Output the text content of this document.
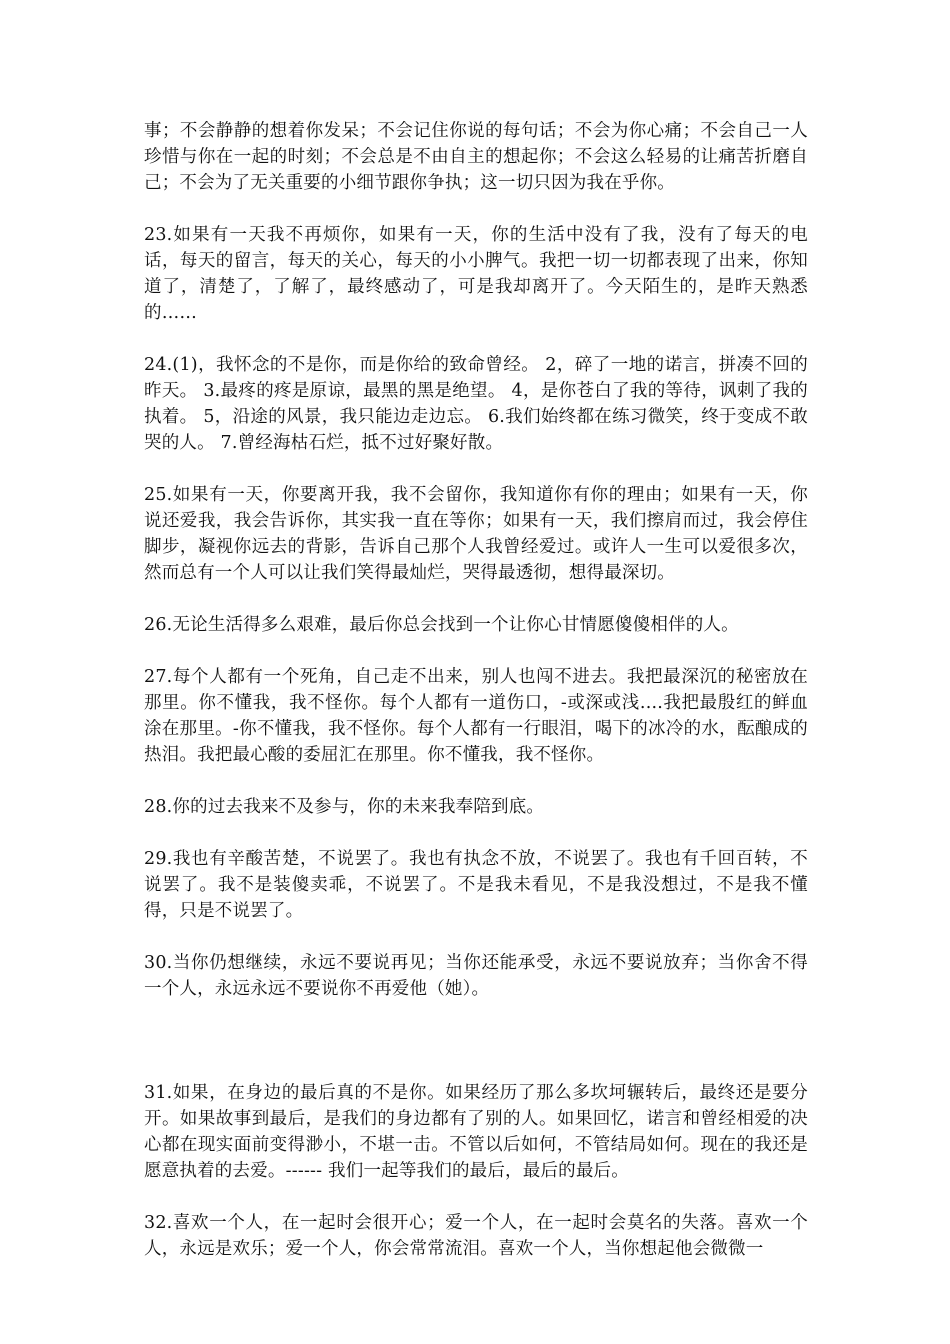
事；不会静静的想着你发呆；不会记住你说的每句话；不会为你心痛；不会自己一人珍惜与你在一起的时刻；不会总是不由自主的想起你；不会这么轻易的让痛苦折磨自己；不会为了无关重要的小细节跟你争执；这一切只因为我在乎你。

23.如果有一天我不再烦你，如果有一天，你的生活中没有了我，没有了每天的电话，每天的留言，每天的关心，每天的小小脾气。我把一切一切都表现了出来，你知道了，清楚了，了解了，最终感动了，可是我却离开了。今天陌生的，是昨天熟悉的……

24.(1)，我怀念的不是你，而是你给的致命曾经。 2，碎了一地的诺言，拼凑不回的昨天。 3.最疼的疼是原谅，最黑的黑是绝望。 4，是你苍白了我的等待，讽刺了我的执着。 5，沿途的风景，我只能边走边忘。 6.我们始终都在练习微笑，终于变成不敢哭的人。 7.曾经海枯石烂，抵不过好聚好散。

25.如果有一天，你要离开我，我不会留你，我知道你有你的理由；如果有一天，你说还爱我，我会告诉你，其实我一直在等你；如果有一天，我们擦肩而过，我会停住脚步，凝视你远去的背影，告诉自己那个人我曾经爱过。或许人一生可以爱很多次，然而总有一个人可以让我们笑得最灿烂，哭得最透彻，想得最深切。

26.无论生活得多么艰难，最后你总会找到一个让你心甘情愿傻傻相伴的人。

27.每个人都有一个死角，自己走不出来，别人也闯不进去。我把最深沉的秘密放在那里。你不懂我，我不怪你。每个人都有一道伤口，-或深或浅....我把最殷红的鲜血涂在那里。-你不懂我，我不怪你。每个人都有一行眼泪，喝下的冰冷的水，酝酿成的热泪。我把最心酸的委屈汇在那里。你不懂我，我不怪你。

28.你的过去我来不及参与，你的未来我奉陪到底。

29.我也有辛酸苦楚，不说罢了。我也有执念不放，不说罢了。我也有千回百转，不说罢了。我不是装傻卖乖，不说罢了。不是我未看见，不是我没想过，不是我不懂得，只是不说罢了。

30.当你仍想继续，永远不要说再见；当你还能承受，永远不要说放弃；当你舍不得一个人，永远永远不要说你不再爱他（她）。

31.如果，在身边的最后真的不是你。如果经历了那么多坎坷辗转后，最终还是要分开。如果故事到最后，是我们的身边都有了别的人。如果回忆，诺言和曾经相爱的决心都在现实面前变得渺小，不堪一击。不管以后如何，不管结局如何。现在的我还是愿意执着的去爱。------ 我们一起等我们的最后，最后的最后。

32.喜欢一个人，在一起时会很开心；爱一个人，在一起时会莫名的失落。喜欢一个人，永远是欢乐；爱一个人，你会常常流泪。喜欢一个人，当你想起他会微微一
